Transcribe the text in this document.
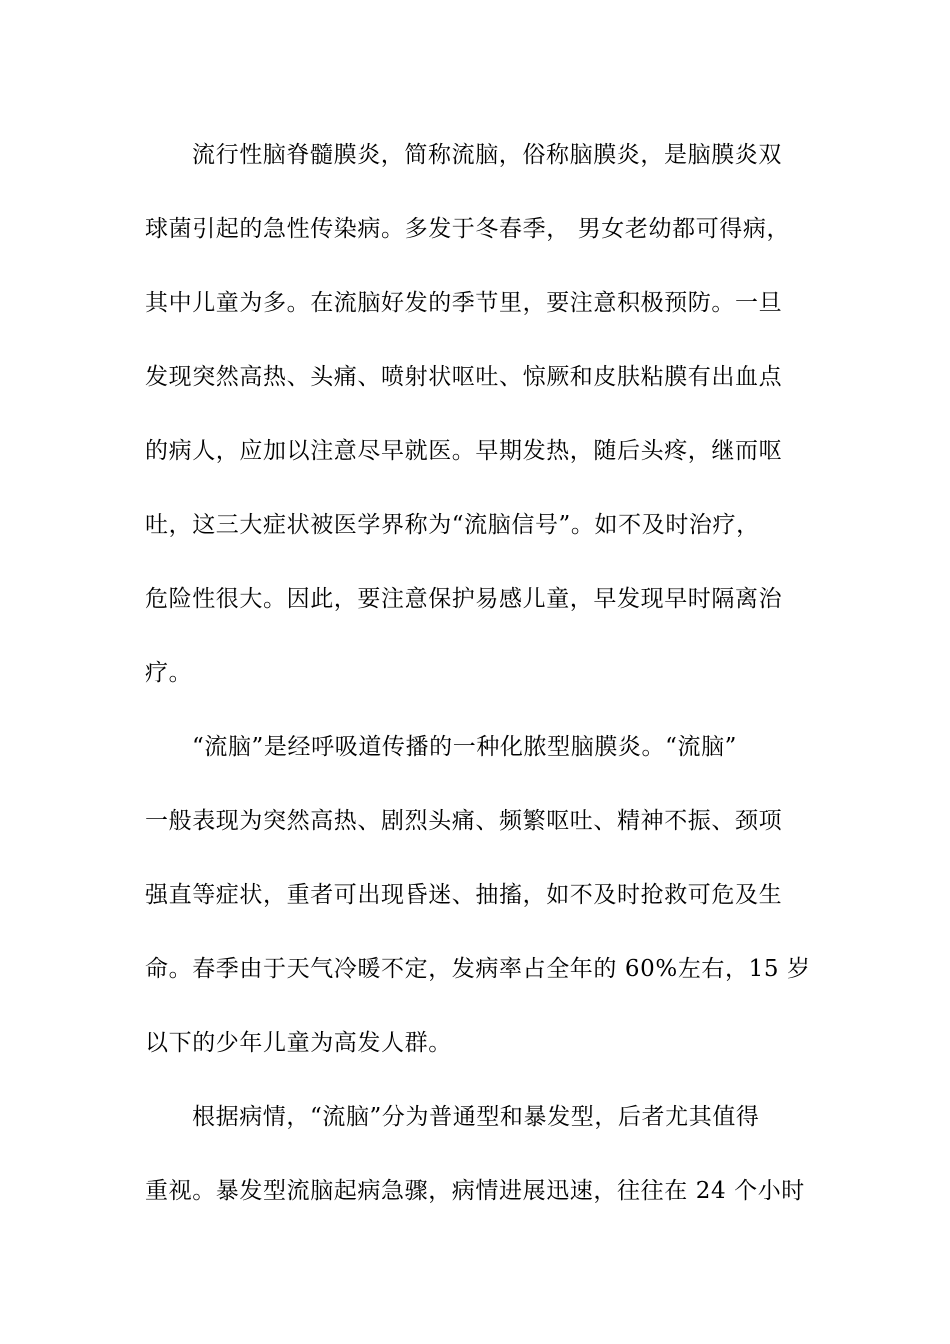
流行性脑脊髓膜炎，简称流脑，俗称脑膜炎，是脑膜炎双
球菌引起的急性传染病。多发于冬春季， 男女老幼都可得病，
其中儿童为多。在流脑好发的季节里，要注意积极预防。一旦
发现突然高热、头痛、喷射状呕吐、惊厥和皮肤粘膜有出血点
的病人，应加以注意尽早就医。早期发热，随后头疼，继而呕
吐，这三大症状被医学界称为“流脑信号”。如不及时治疗，
危险性很大。因此，要注意保护易感儿童，早发现早时隔离治
疗。
“流脑”是经呼吸道传播的一种化脓型脑膜炎。“流脑”
一般表现为突然高热、剧烈头痛、频繁呕吐、精神不振、颈项
强直等症状，重者可出现昏迷、抽搐，如不及时抢救可危及生
命。春季由于天气冷暖不定，发病率占全年的 60%左右，15 岁
以下的少年儿童为高发人群。
根据病情，“流脑”分为普通型和暴发型，后者尤其值得
重视。暴发型流脑起病急骤，病情进展迅速，往往在 24 个小时
